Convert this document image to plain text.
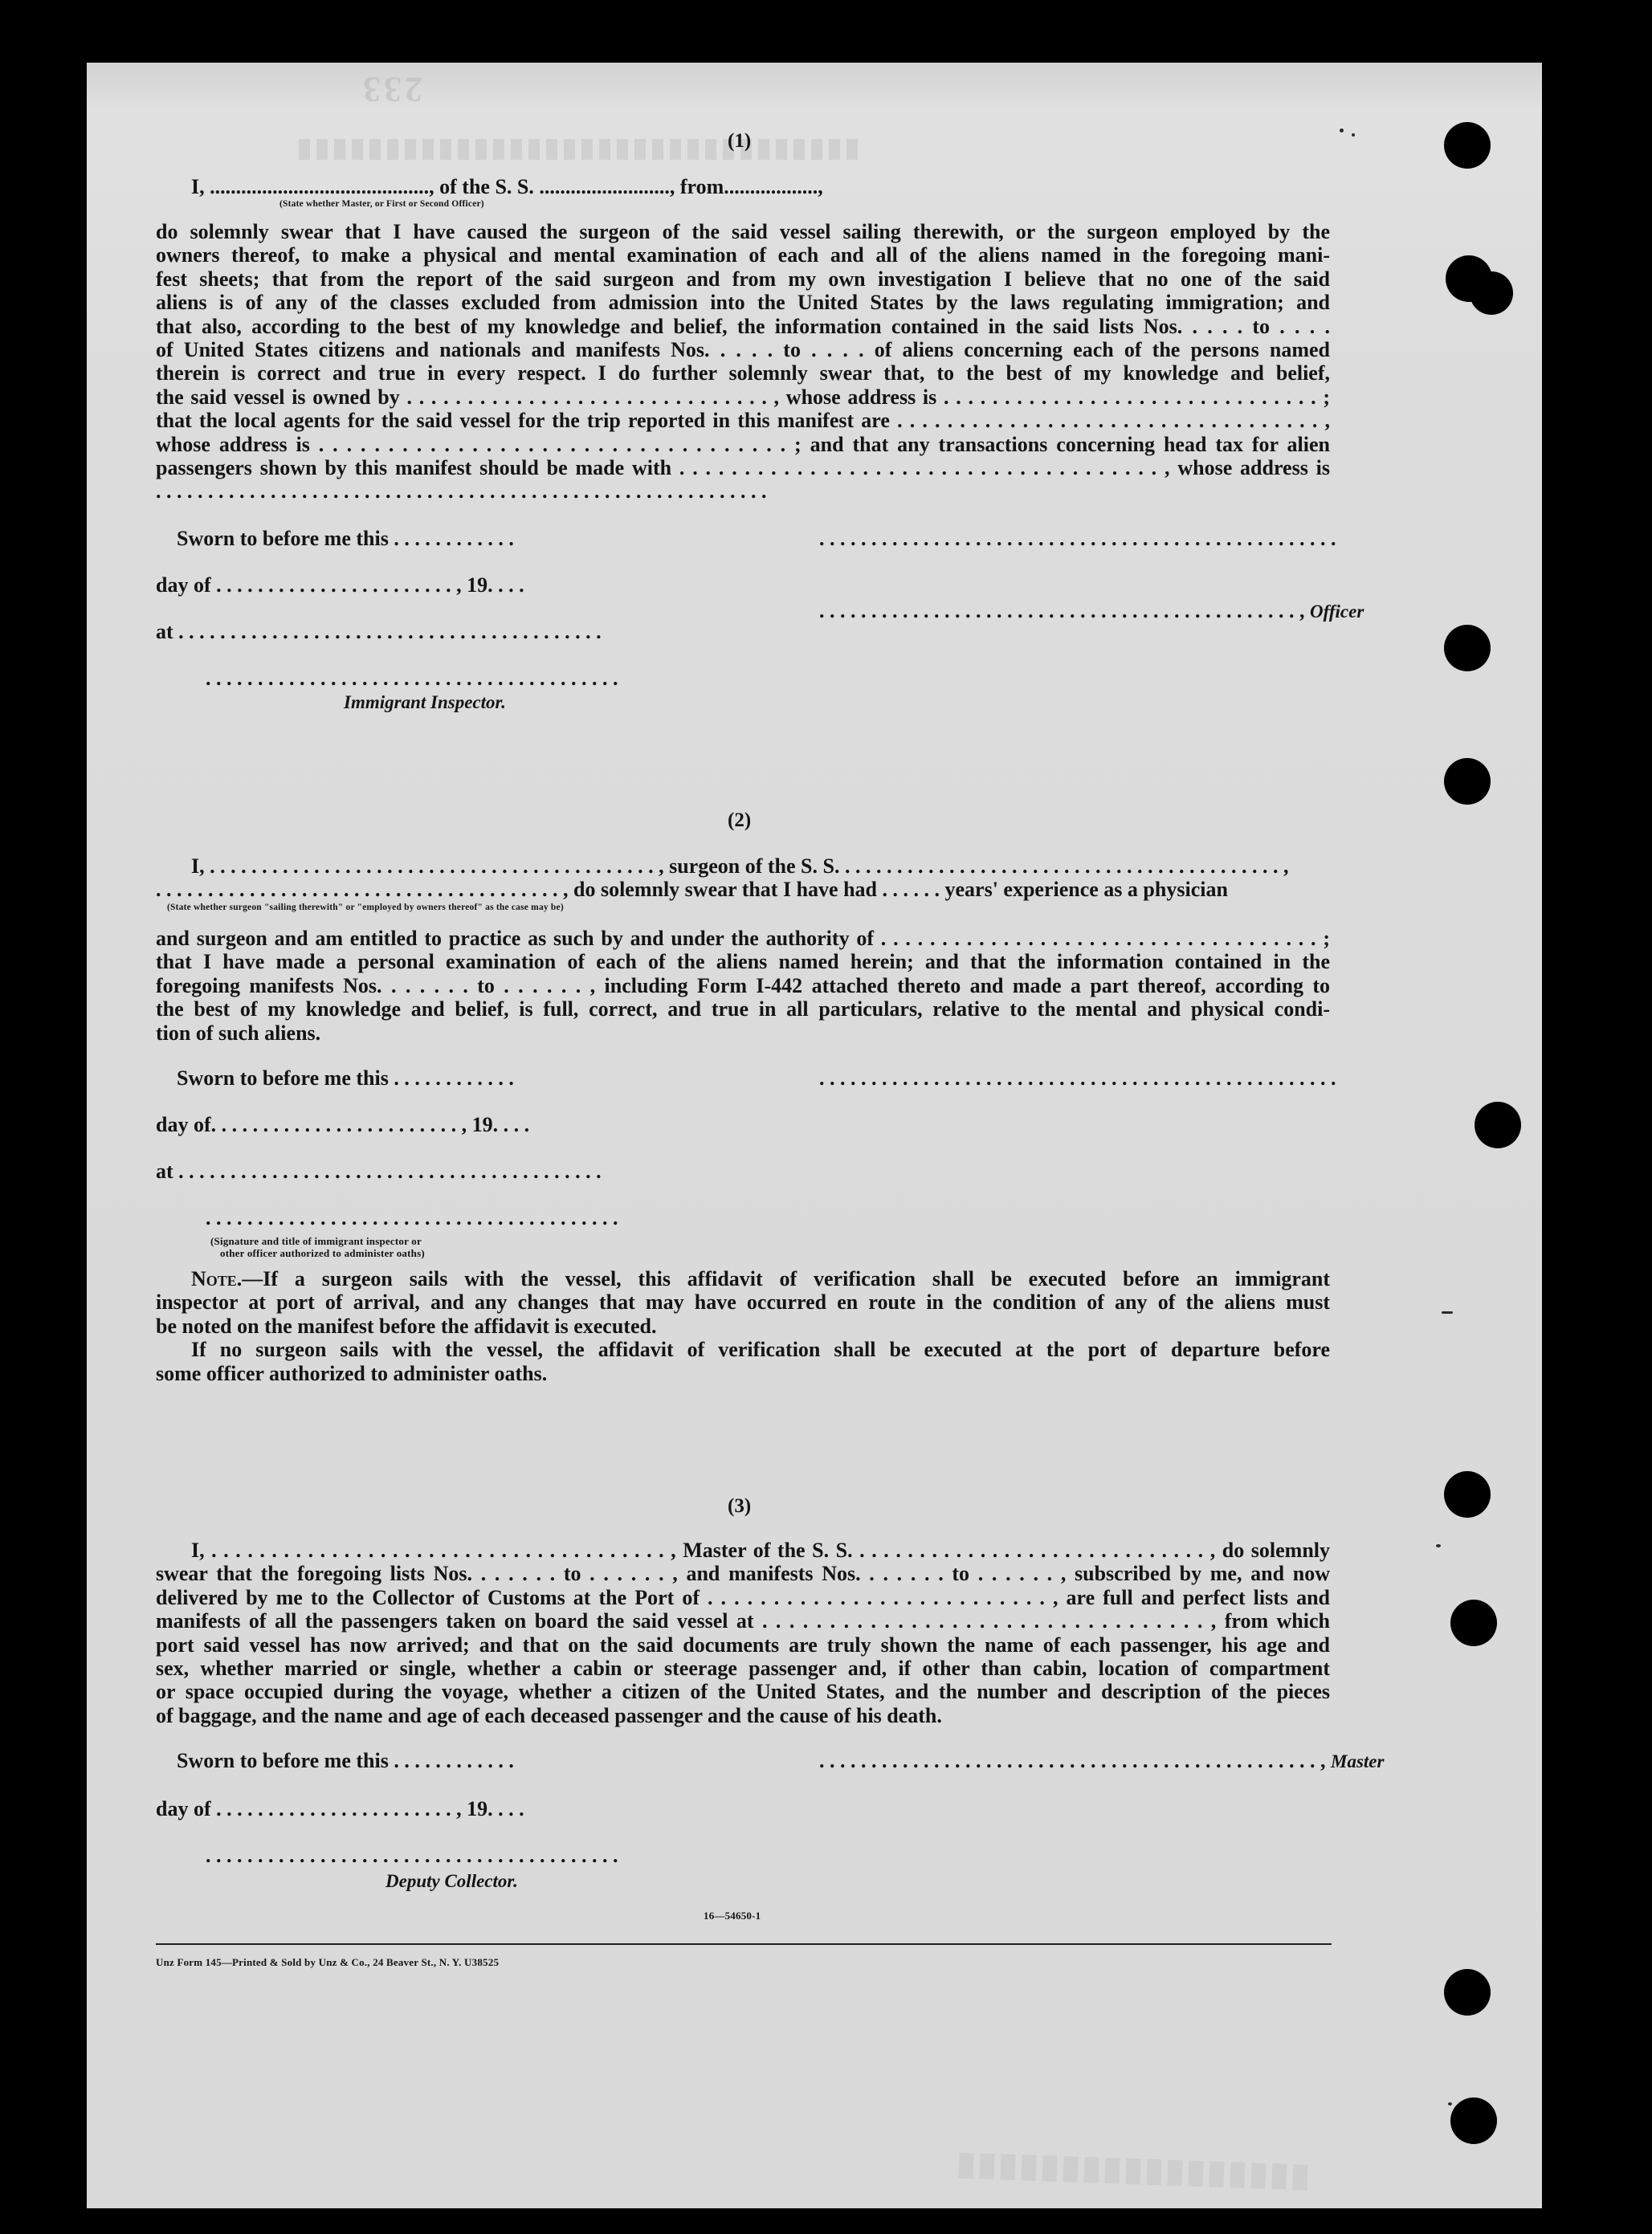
233
(1)
I, .........................................., of the S. S. ........................., from..................,
(State whether Master, or First or Second Officer)
do solemnly swear that I have caused the surgeon of the said vessel sailing therewith, or the surgeon employed by the
owners thereof, to make a physical and mental examination of each and all of the aliens named in the foregoing mani-
fest sheets; that from the report of the said surgeon and from my own investigation I believe that no one of the said
aliens is of any of the classes excluded from admission into the United States by the laws regulating immigration; and
that also, according to the best of my knowledge and belief, the information contained in the said lists Nos. . . . . to . . . .
of United States citizens and nationals and manifests Nos. . . . . to . . . . of aliens concerning each of the persons named
therein is correct and true in every respect. I do further solemnly swear that, to the best of my knowledge and belief,
the said vessel is owned by . . . . . . . . . . . . . . . . . . . . . . . . . . . . . . , whose address is . . . . . . . . . . . . . . . . . . . . . . . . . . . . . . . ;
that the local agents for the said vessel for the trip reported in this manifest are . . . . . . . . . . . . . . . . . . . . . . . . . . . . . . . . . . ,
whose address is . . . . . . . . . . . . . . . . . . . . . . . . . . . . . . . . . . ; and that any transactions concerning head tax for alien
passengers shown by this manifest should be made with . . . . . . . . . . . . . . . . . . . . . . . . . . . . . . . . . . . . . , whose address is
. . . . . . . . . . . . . . . . . . . . . . . . . . . . . . . . . . . . . . . . . . . . . . . . . . . . . . . . . . .
Sworn to before me this . . . . . . . . . . . .	. . . . . . . . . . . . . . . . . . . . . . . . . . . . . . . . . . . . . . . . . . . . . . . . . .
day of . . . . . . . . . . . . . . . . . . . . . . . , 19. . . .
. . . . . . . . . . . . . . . . . . . . . . . . . . . . . . . . . . . . . . . . . . . . . . , Officer
at . . . . . . . . . . . . . . . . . . . . . . . . . . . . . . . . . . . . . . . . .
. . . . . . . . . . . . . . . . . . . . . . . . . . . . . . . . . . . . . . . .
Immigrant Inspector.
(2)
I, . . . . . . . . . . . . . . . . . . . . . . . . . . . . . . . . . . . . . . . . . . . , surgeon of the S. S. . . . . . . . . . . . . . . . . . . . . . . . . . . . . . . . . . . . . . . . . . . ,
. . . . . . . . . . . . . . . . . . . . . . . . . . . . . . . . . . . . . . . , do solemnly swear that I have had . . . . . . years' experience as a physician
(State whether surgeon "sailing therewith" or "employed by owners thereof" as the case may be)
and surgeon and am entitled to practice as such by and under the authority of . . . . . . . . . . . . . . . . . . . . . . . . . . . . . . . . . . . . ;
that I have made a personal examination of each of the aliens named herein; and that the information contained in the
foregoing manifests Nos. . . . . . . to . . . . . . , including Form I-442 attached thereto and made a part thereof, according to
the best of my knowledge and belief, is full, correct, and true in all particulars, relative to the mental and physical condi-
tion of such aliens.
Sworn to before me this . . . . . . . . . . . .	. . . . . . . . . . . . . . . . . . . . . . . . . . . . . . . . . . . . . . . . . . . . . . . . . .
day of. . . . . . . . . . . . . . . . . . . . . . . . , 19. . . .
at . . . . . . . . . . . . . . . . . . . . . . . . . . . . . . . . . . . . . . . . .
. . . . . . . . . . . . . . . . . . . . . . . . . . . . . . . . . . . . . . . .
(Signature and title of immigrant inspector or
other officer authorized to administer oaths)
Note.—If a surgeon sails with the vessel, this affidavit of verification shall be executed before an immigrant
inspector at port of arrival, and any changes that may have occurred en route in the condition of any of the aliens must
be noted on the manifest before the affidavit is executed.
If no surgeon sails with the vessel, the affidavit of verification shall be executed at the port of departure before
some officer authorized to administer oaths.
(3)
I, . . . . . . . . . . . . . . . . . . . . . . . . . . . . . . . . . . . . . . , Master of the S. S. . . . . . . . . . . . . . . . . . . . . . . . . . . . . . , do solemnly
swear that the foregoing lists Nos. . . . . . . to . . . . . . , and manifests Nos. . . . . . . to . . . . . . , subscribed by me, and now
delivered by me to the Collector of Customs at the Port of . . . . . . . . . . . . . . . . . . . . . . . . . . , are full and perfect lists and
manifests of all the passengers taken on board the said vessel at . . . . . . . . . . . . . . . . . . . . . . . . . . . . . . . . . , from which
port said vessel has now arrived; and that on the said documents are truly shown the name of each passenger, his age and
sex, whether married or single, whether a cabin or steerage passenger and, if other than cabin, location of compartment
or space occupied during the voyage, whether a citizen of the United States, and the number and description of the pieces
of baggage, and the name and age of each deceased passenger and the cause of his death.
Sworn to before me this . . . . . . . . . . . .	. . . . . . . . . . . . . . . . . . . . . . . . . . . . . . . . . . . . . . . . . . . . . . . . , Master
day of . . . . . . . . . . . . . . . . . . . . . . . , 19. . . .
. . . . . . . . . . . . . . . . . . . . . . . . . . . . . . . . . . . . . . . .
Deputy Collector.
16—54650-1
Unz Form 145—Printed & Sold by Unz & Co., 24 Beaver St., N. Y. U38525
